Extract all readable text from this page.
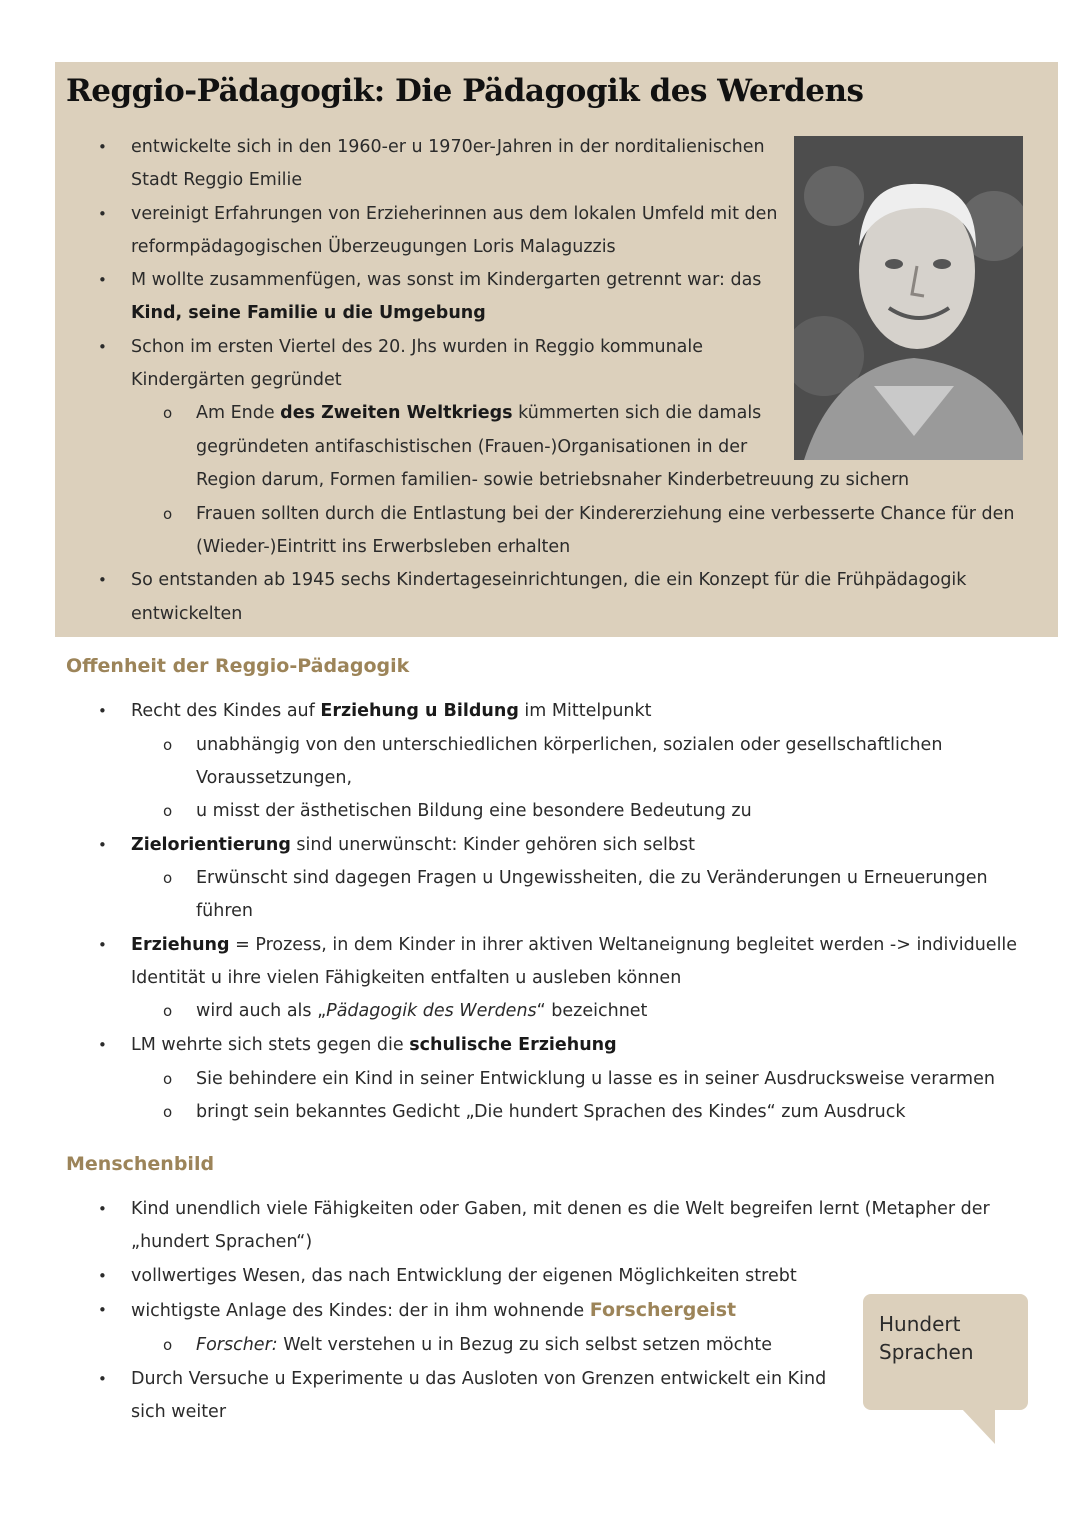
Reggio-Pädagogik: Die Pädagogik des Werdens
• entwickelte sich in den 1960-er u 1970er-Jahren in der norditalienischen
Stadt Reggio Emilie
• vereinigt Erfahrungen von Erzieherinnen aus dem lokalen Umfeld mit den
reformpädagogischen Überzeugungen Loris Malaguzzis
• M wollte zusammenfügen, was sonst im Kindergarten getrennt war: das
Kind, seine Familie u die Umgebung
• Schon im ersten Viertel des 20. Jhs wurden in Reggio kommunale
Kindergärten gegründet
o Am Ende des Zweiten Weltkriegs kümmerten sich die damals
gegründeten antifaschistischen (Frauen-)Organisationen in der
Region darum, Formen familien- sowie betriebsnaher Kinderbetreuung zu sichern
o Frauen sollten durch die Entlastung bei der Kindererziehung eine verbesserte Chance für den
(Wieder-)Eintritt ins Erwerbsleben erhalten
• So entstanden ab 1945 sechs Kindertageseinrichtungen, die ein Konzept für die Frühpädagogik
entwickelten
Offenheit der Reggio-Pädagogik
• Recht des Kindes auf Erziehung u Bildung im Mittelpunkt
o unabhängig von den unterschiedlichen körperlichen, sozialen oder gesellschaftlichen
Voraussetzungen,
o u misst der ästhetischen Bildung eine besondere Bedeutung zu
• Zielorientierung sind unerwünscht: Kinder gehören sich selbst
o Erwünscht sind dagegen Fragen u Ungewissheiten, die zu Veränderungen u Erneuerungen
führen
• Erziehung = Prozess, in dem Kinder in ihrer aktiven Weltaneignung begleitet werden -> individuelle
Identität u ihre vielen Fähigkeiten entfalten u ausleben können
o wird auch als „Pädagogik des Werdens“ bezeichnet
• LM wehrte sich stets gegen die schulische Erziehung
o Sie behindere ein Kind in seiner Entwicklung u lasse es in seiner Ausdrucksweise verarmen
o bringt sein bekanntes Gedicht „Die hundert Sprachen des Kindes“ zum Ausdruck
Menschenbild
• Kind unendlich viele Fähigkeiten oder Gaben, mit denen es die Welt begreifen lernt (Metapher der
„hundert Sprachen“)
• vollwertiges Wesen, das nach Entwicklung der eigenen Möglichkeiten strebt
• wichtigste Anlage des Kindes: der in ihm wohnende Forschergeist
o Forscher: Welt verstehen u in Bezug zu sich selbst setzen möchte
• Durch Versuche u Experimente u das Ausloten von Grenzen entwickelt ein Kind
sich weiter
Hundert
Sprachen
